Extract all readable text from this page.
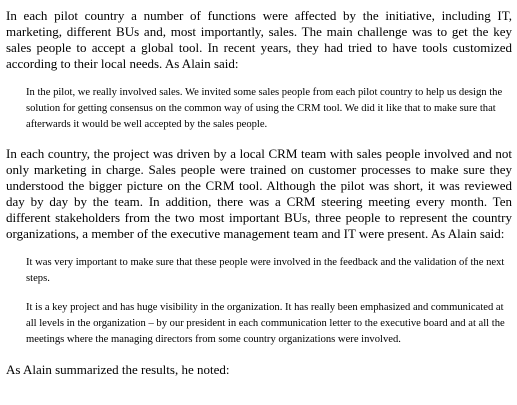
In each pilot country a number of functions were affected by the initiative, including IT, marketing, different BUs and, most importantly, sales. The main challenge was to get the key sales people to accept a global tool. In recent years, they had tried to have tools customized according to their local needs. As Alain said:

In the pilot, we really involved sales. We invited some sales people from each pilot country to help us design the solution for getting consensus on the common way of using the CRM tool. We did it like that to make sure that afterwards it would be well accepted by the sales people.

In each country, the project was driven by a local CRM team with sales people involved and not only marketing in charge. Sales people were trained on customer processes to make sure they understood the bigger picture on the CRM tool. Although the pilot was short, it was reviewed day by day by the team. In addition, there was a CRM steering meeting every month. Ten different stakeholders from the two most important BUs, three people to represent the country organizations, a member of the executive management team and IT were present. As Alain said:

It was very important to make sure that these people were involved in the feedback and the validation of the next steps.

It is a key project and has huge visibility in the organization. It has really been emphasized and communicated at all levels in the organization – by our president in each communication letter to the executive board and at all the meetings where the managing directors from some country organizations were involved.

As Alain summarized the results, he noted:
